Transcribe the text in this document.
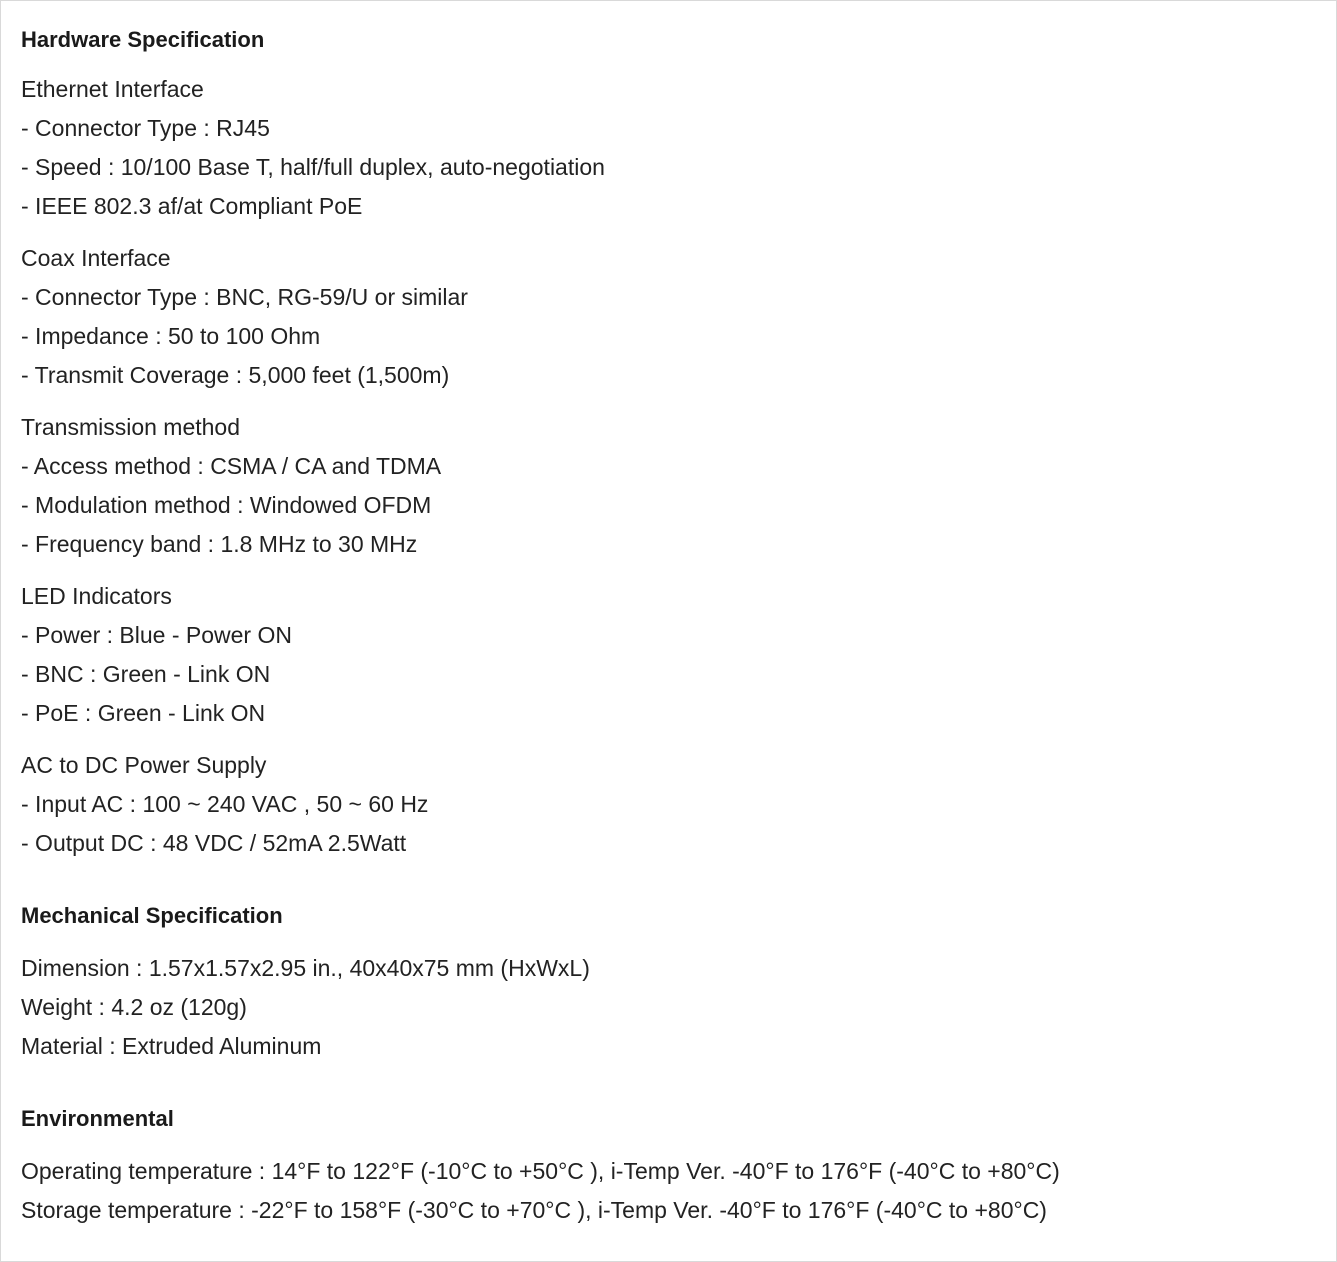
Hardware Specification
Ethernet Interface
- Connector Type : RJ45
- Speed : 10/100 Base T, half/full duplex, auto-negotiation
- IEEE 802.3 af/at Compliant PoE
Coax Interface
- Connector Type : BNC, RG-59/U or similar
- Impedance : 50 to 100 Ohm
- Transmit Coverage : 5,000 feet (1,500m)
Transmission method
- Access method : CSMA / CA and TDMA
- Modulation method : Windowed OFDM
- Frequency band : 1.8 MHz to 30 MHz
LED Indicators
- Power : Blue - Power ON
- BNC : Green - Link ON
- PoE : Green - Link ON
AC to DC Power Supply
- Input AC : 100 ~ 240 VAC , 50 ~ 60 Hz
- Output DC : 48 VDC / 52mA 2.5Watt
Mechanical Specification
Dimension : 1.57x1.57x2.95 in., 40x40x75 mm (HxWxL)
Weight : 4.2 oz (120g)
Material : Extruded Aluminum
Environmental
Operating temperature : 14°F to 122°F (-10°C to +50°C ), i-Temp Ver. -40°F to 176°F (-40°C to +80°C)
Storage temperature : -22°F to 158°F (-30°C to +70°C ), i-Temp Ver. -40°F to 176°F (-40°C to +80°C)
